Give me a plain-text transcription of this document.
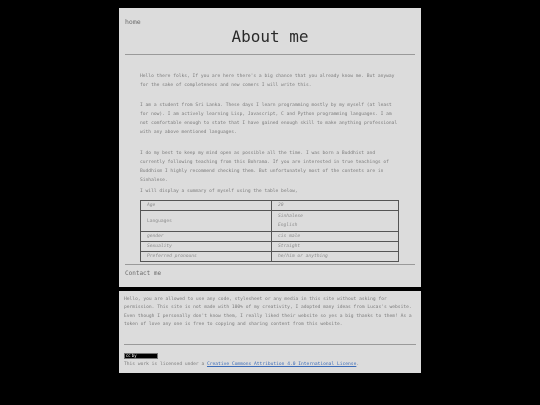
home
About me

Hello there folks, If you are here there's a big chance that you already know me. But anyway for the sake of completeness and new comers I will write this.

I am a student from Sri Lanka. These days I learn programming mostly by my myself (at least for now). I am actively learning Lisp, Javascript, C and Python programming languages. I am not comfortable enough to state that I have gained enough skill to make anything professional with any above mentioned languages.

I do my best to keep my mind open as possible all the time. I was born a Buddhist and currently following teaching from this Bohrama. If you are interested in true teachings of Buddhism I highly recommend checking them. But unfortunately most of the contents are in Sinhalese.

I will display a summary of myself using the table below,

Age	20
Languages	Sinhalese
English

gender	cis male
Sexuality	Straight
Preferred pronouns	he/him or anything
Contact me

Hello, you are allowed to use any code, stylesheet or any media in this site without asking for permission. This site is not made with 100% of my creativity, I adopted many ideas from Lucas's website. Even though I personally don't know them, I really liked their website so yes a big thanks to them! As a token of love any one is free to copying and sharing content from this website.

cc by
This work is licensed under a Creative Commons Attribution 4.0 International License.
